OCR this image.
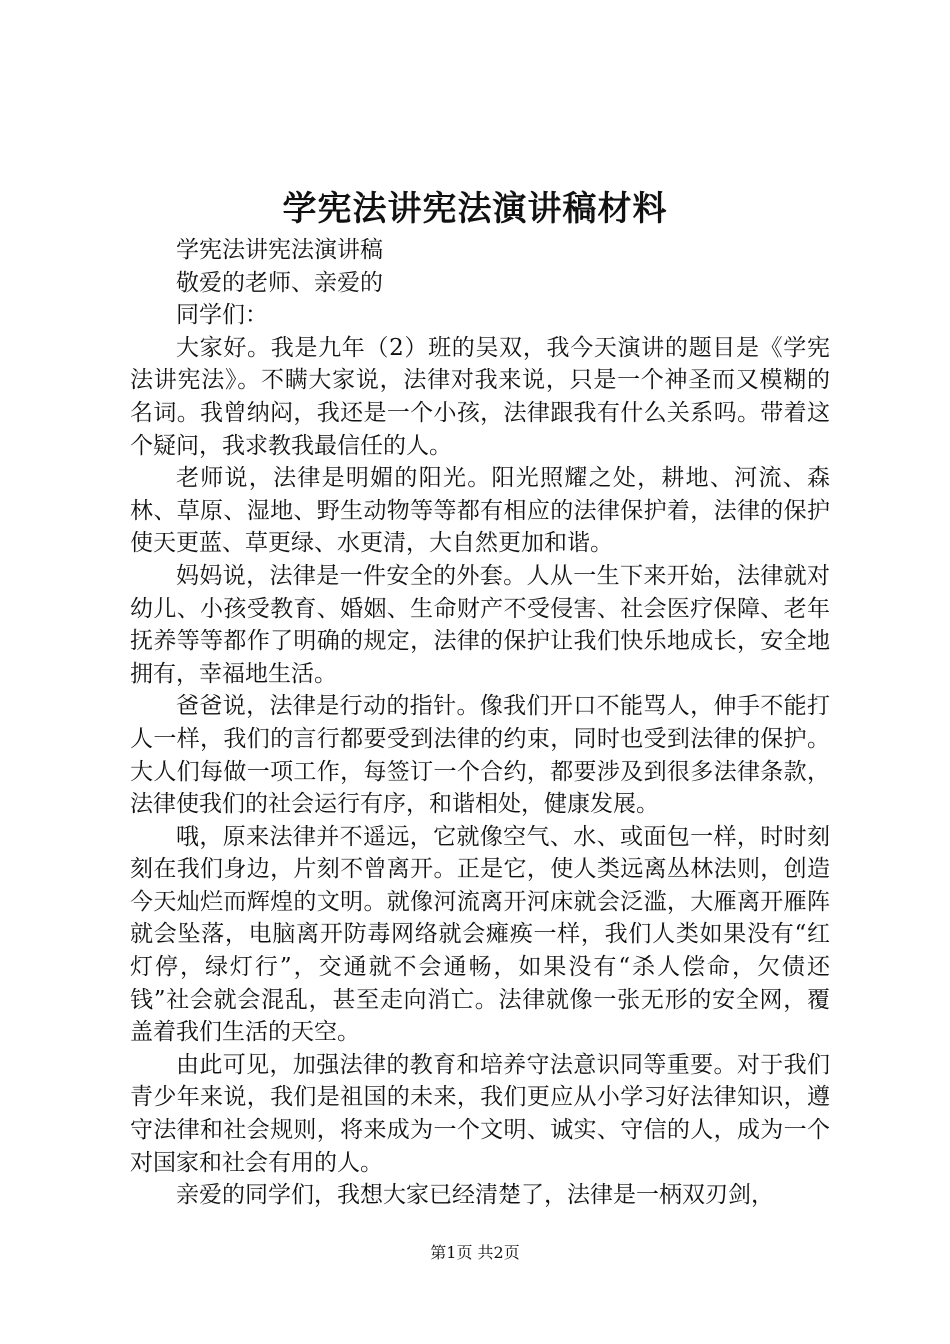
学宪法讲宪法演讲稿材料

学宪法讲宪法演讲稿

敬爱的老师、亲爱的

同学们：

大家好。我是九年（2）班的吴双，我今天演讲的题目是《学宪法讲宪法》。不瞒大家说，法律对我来说，只是一个神圣而又模糊的名词。我曾纳闷，我还是一个小孩，法律跟我有什么关系吗。带着这个疑问，我求教我最信任的人。

老师说，法律是明媚的阳光。阳光照耀之处，耕地、河流、森林、草原、湿地、野生动物等等都有相应的法律保护着，法律的保护使天更蓝、草更绿、水更清，大自然更加和谐。

妈妈说，法律是一件安全的外套。人从一生下来开始，法律就对幼儿、小孩受教育、婚姻、生命财产不受侵害、社会医疗保障、老年抚养等等都作了明确的规定，法律的保护让我们快乐地成长，安全地拥有，幸福地生活。

爸爸说，法律是行动的指针。像我们开口不能骂人，伸手不能打人一样，我们的言行都要受到法律的约束，同时也受到法律的保护。大人们每做一项工作，每签订一个合约，都要涉及到很多法律条款，法律使我们的社会运行有序，和谐相处，健康发展。

哦，原来法律并不遥远，它就像空气、水、或面包一样，时时刻刻在我们身边，片刻不曾离开。正是它，使人类远离丛林法则，创造今天灿烂而辉煌的文明。就像河流离开河床就会泛滥，大雁离开雁阵就会坠落，电脑离开防毒网络就会瘫痪一样，我们人类如果没有“红灯停，绿灯行”，交通就不会通畅，如果没有“杀人偿命，欠债还钱”社会就会混乱，甚至走向消亡。法律就像一张无形的安全网，覆盖着我们生活的天空。

由此可见，加强法律的教育和培养守法意识同等重要。对于我们青少年来说，我们是祖国的未来，我们更应从小学习好法律知识，遵守法律和社会规则，将来成为一个文明、诚实、守信的人，成为一个对国家和社会有用的人。

亲爱的同学们，我想大家已经清楚了，法律是一柄双刃剑，

第1页 共2页
